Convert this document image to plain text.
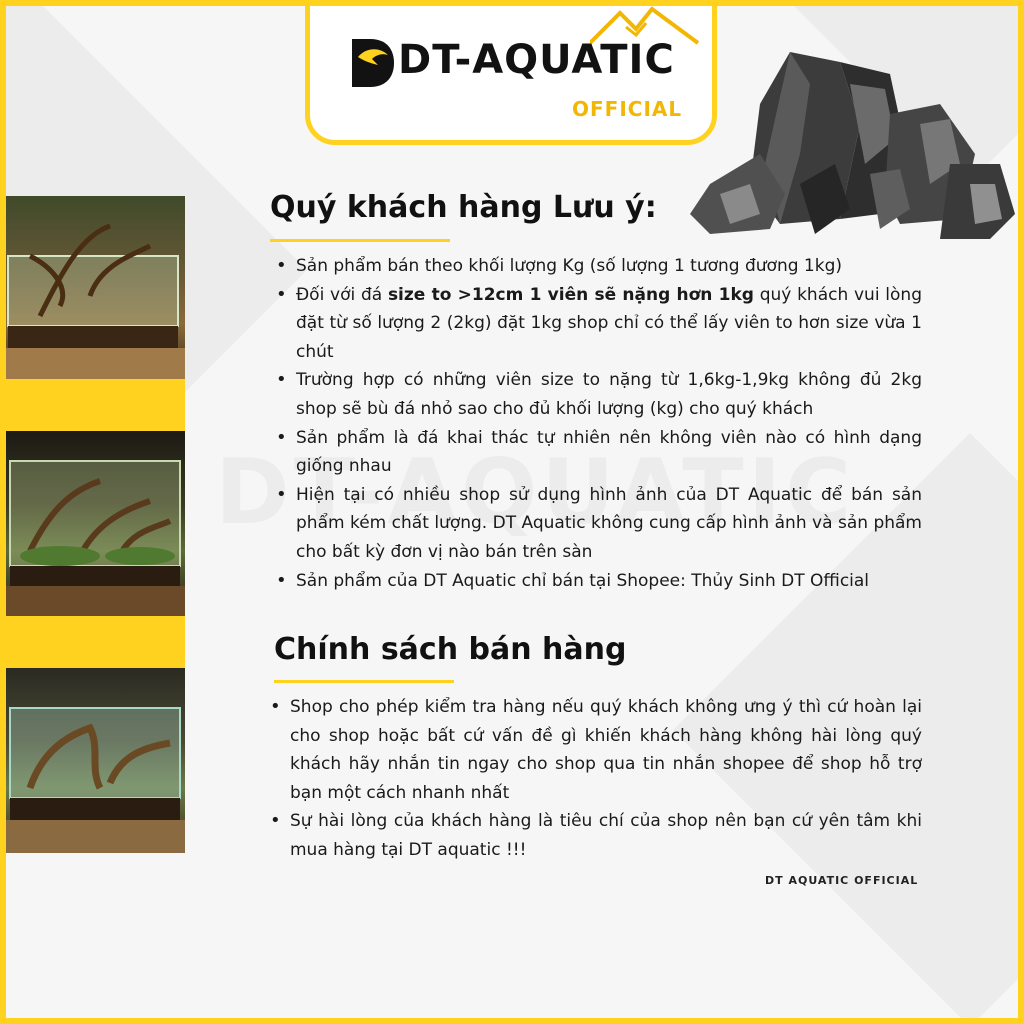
DT-AQUATIC
OFFICIAL
Quý khách hàng Lưu ý:
• Sản phẩm bán theo khối lượng Kg (số lượng 1 tương đương 1kg)
• Đối với đá size to >12cm 1 viên sẽ nặng hơn 1kg quý khách vui lòng đặt từ số lượng 2 (2kg) đặt 1kg shop chỉ có thể lấy viên to hơn size vừa 1 chút
• Trường hợp có những viên size to nặng từ 1,6kg-1,9kg không đủ 2kg shop sẽ bù đá nhỏ sao cho đủ khối lượng (kg) cho quý khách
• Sản phẩm là đá khai thác tự nhiên nên không viên nào có hình dạng giống nhau
• Hiện tại có nhiều shop sử dụng hình ảnh của DT Aquatic để bán sản phẩm kém chất lượng. DT Aquatic không cung cấp hình ảnh và sản phẩm cho bất kỳ đơn vị nào bán trên sàn
• Sản phẩm của DT Aquatic chỉ bán tại Shopee: Thủy Sinh DT Official
Chính sách bán hàng
• Shop cho phép kiểm tra hàng nếu quý khách không ưng ý thì cứ hoàn lại cho shop hoặc bất cứ vấn đề gì khiến khách hàng không hài lòng quý khách hãy nhắn tin ngay cho shop qua tin nhắn shopee để shop hỗ trợ bạn một cách nhanh nhất
• Sự hài lòng của khách hàng là tiêu chí của shop nên bạn cứ yên tâm khi mua hàng tại DT aquatic !!!
DT AQUATIC OFFICIAL
